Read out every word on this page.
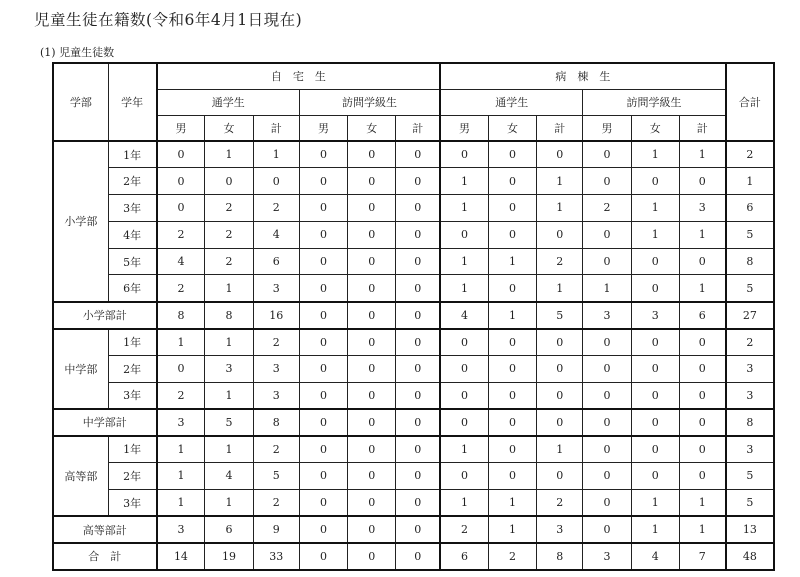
児童生徒在籍数(令和6年4月1日現在)
(1) 児童生徒数
学部	学年	自　宅　生						病　棟　生						合計
		通学生			訪問学級生			通学生			訪問学級生			
		男	女	計	男	女	計	男	女	計	男	女	計	
小学部	1年	0	1	1	0	0	0	0	0	0	0	1	1	2
	2年	0	0	0	0	0	0	1	0	1	0	0	0	1
	3年	0	2	2	0	0	0	1	0	1	2	1	3	6
	4年	2	2	4	0	0	0	0	0	0	0	1	1	5
	5年	4	2	6	0	0	0	1	1	2	0	0	0	8
	6年	2	1	3	0	0	0	1	0	1	1	0	1	5
小学部計		8	8	16	0	0	0	4	1	5	3	3	6	27
中学部	1年	1	1	2	0	0	0	0	0	0	0	0	0	2
	2年	0	3	3	0	0	0	0	0	0	0	0	0	3
	3年	2	1	3	0	0	0	0	0	0	0	0	0	3
中学部計		3	5	8	0	0	0	0	0	0	0	0	0	8
高等部	1年	1	1	2	0	0	0	1	0	1	0	0	0	3
	2年	1	4	5	0	0	0	0	0	0	0	0	0	5
	3年	1	1	2	0	0	0	1	1	2	0	1	1	5
高等部計		3	6	9	0	0	0	2	1	3	0	1	1	13
合　計		14	19	33	0	0	0	6	2	8	3	4	7	48
